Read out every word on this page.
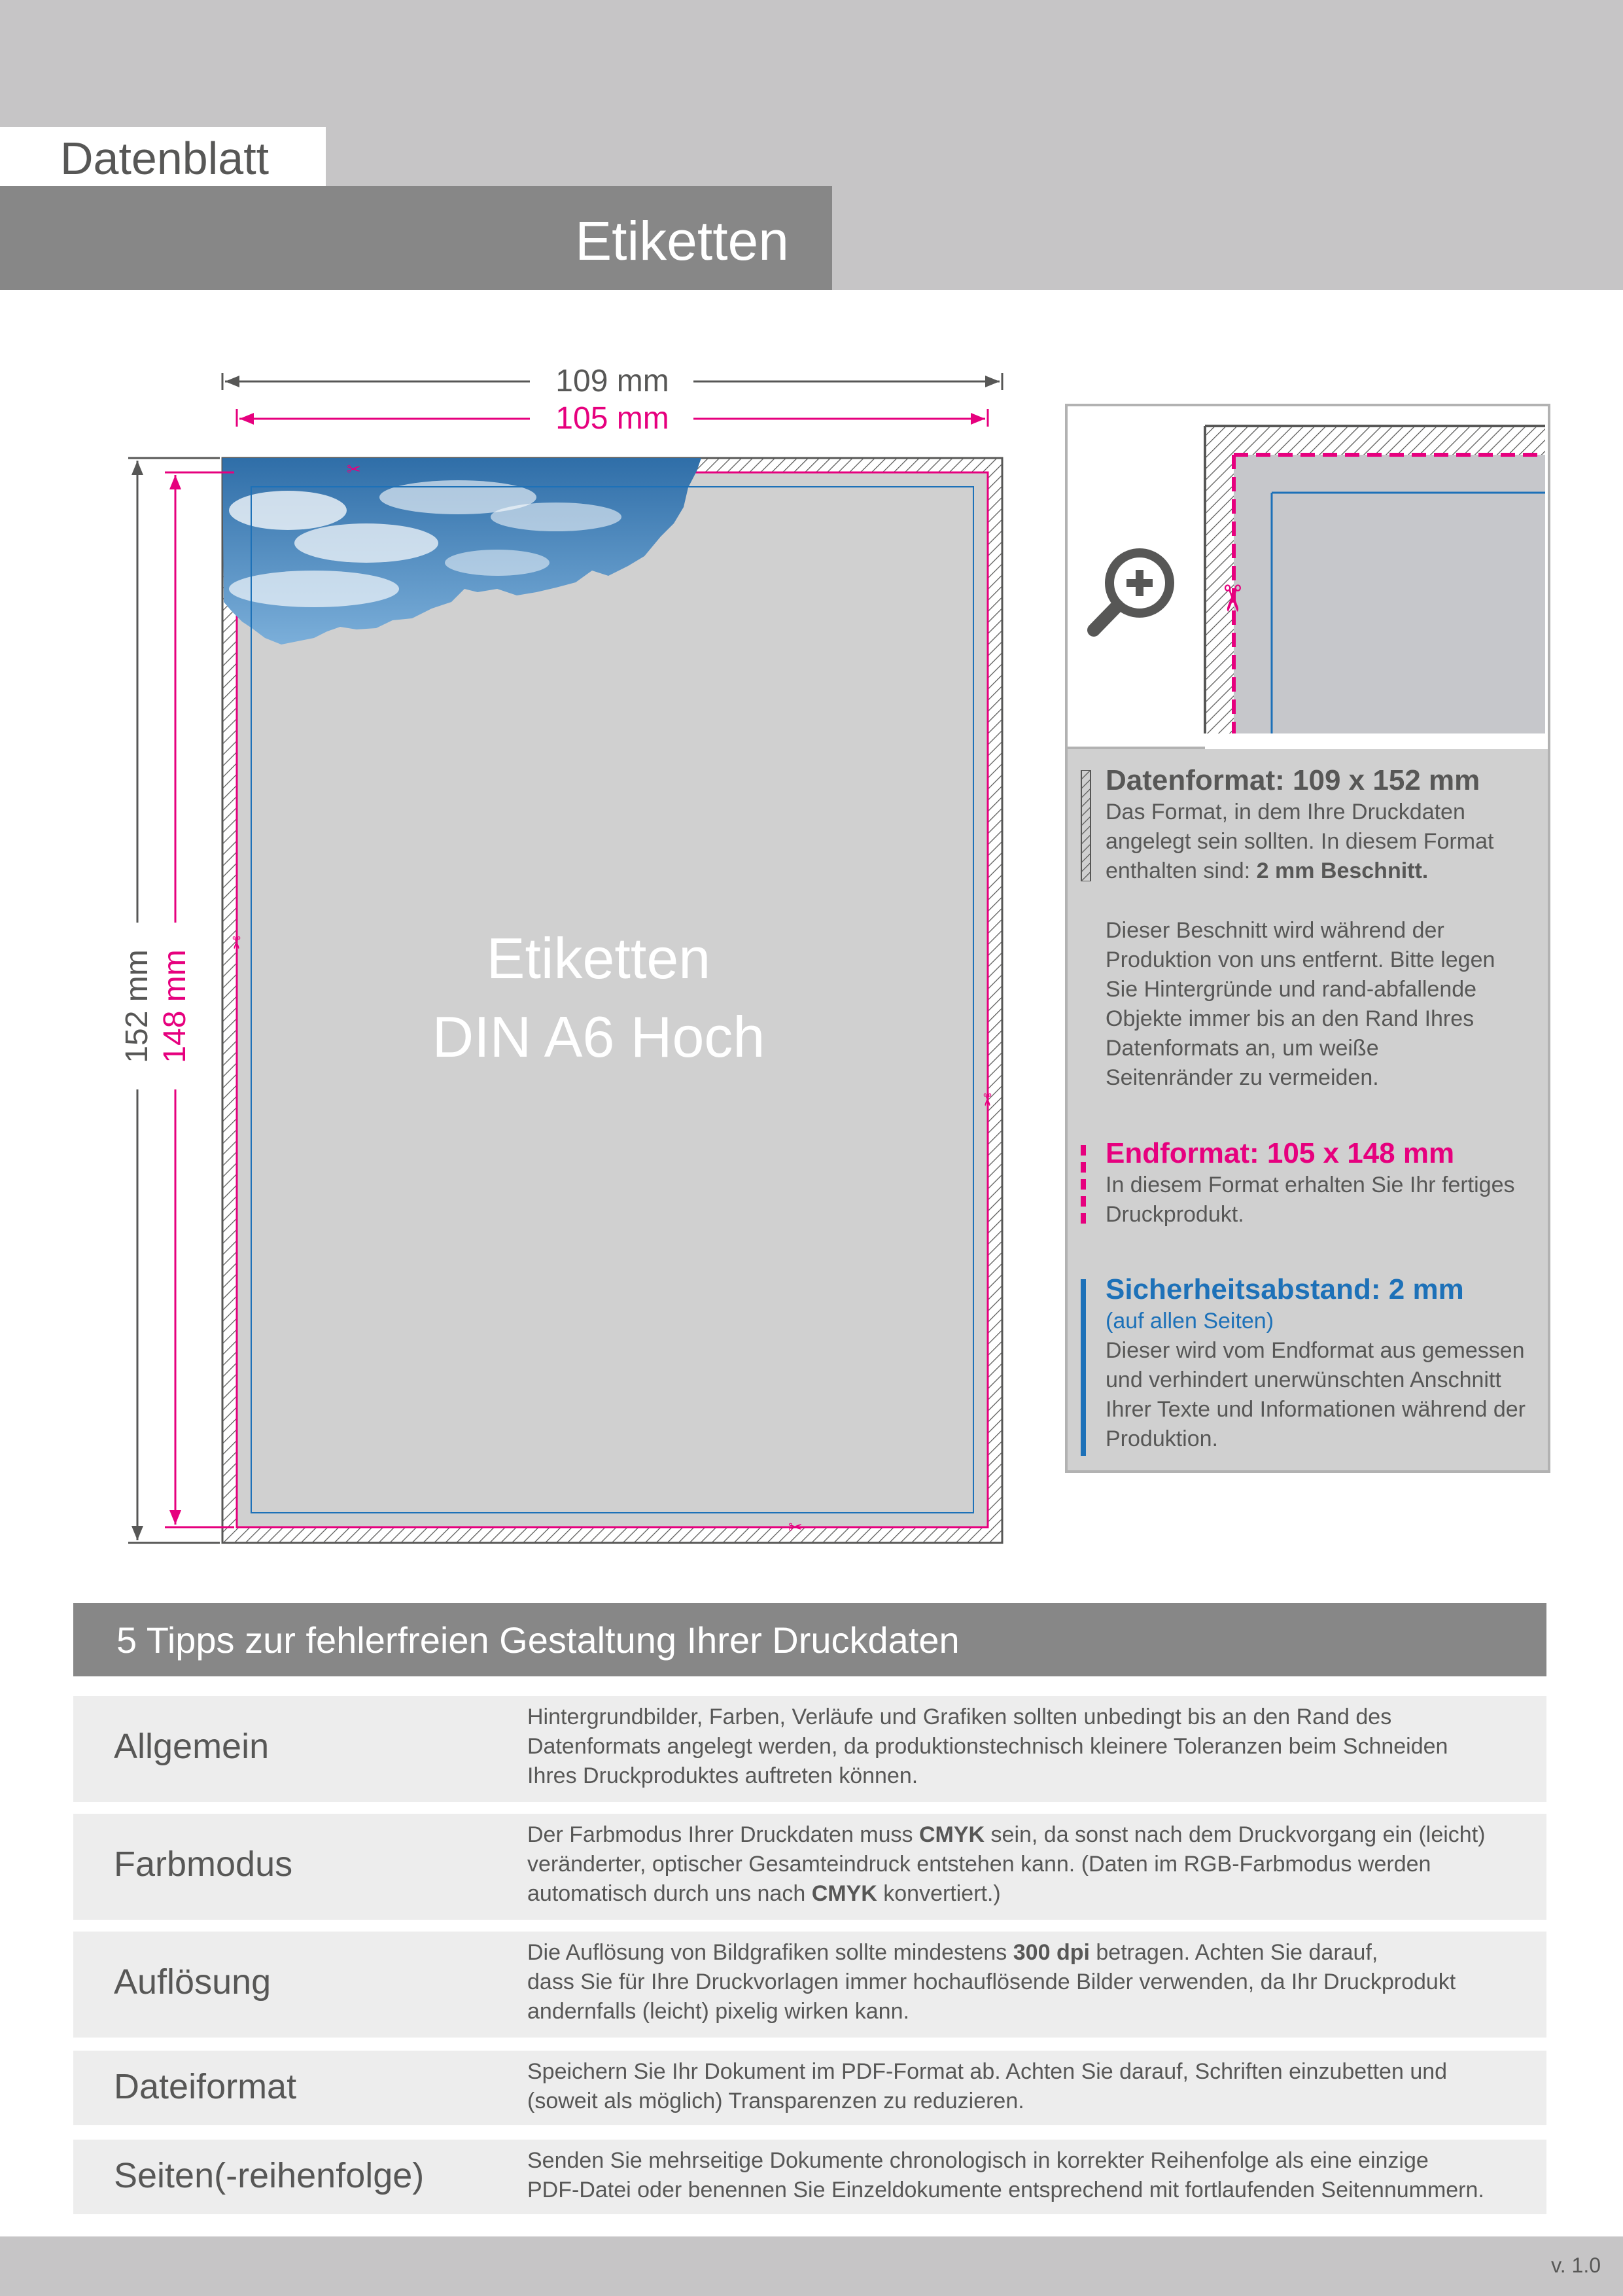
Datenblatt
Etiketten
✂
✂
✂
✂
Etiketten
DIN A6 Hoch
109 mm
105 mm
152 mm 148 mm
✂

Datenformat: 109 x 152 mm

Das Format, in dem Ihre Druckdaten angelegt sein sollten. In diesem Format enthalten sind: 2 mm Beschnitt.

Dieser Beschnitt wird während der Produktion von uns entfernt. Bitte legen Sie Hintergründe und rand-abfallende Objekte immer bis an den Rand Ihres Datenformats an, um weiße Seitenränder zu vermeiden.

Endformat: 105 x 148 mm

In diesem Format erhalten Sie Ihr fertiges Druckprodukt.

Sicherheitsabstand: 2 mm

(auf allen Seiten)

Dieser wird vom Endformat aus gemessen und verhindert unerwünschten Anschnitt Ihrer Texte und Informationen während der Produktion.

5 Tipps zur fehlerfreien Gestaltung Ihrer Druckdaten
Allgemein
Hintergrundbilder, Farben, Verläufe und Grafiken sollten unbedingt bis an den Rand des
Datenformats angelegt werden, da produktionstechnisch kleinere Toleranzen beim Schneiden
Ihres Druckproduktes auftreten können.
Farbmodus
Der Farbmodus Ihrer Druckdaten muss CMYK sein, da sonst nach dem Druckvorgang ein (leicht)
veränderter, optischer Gesamteindruck entstehen kann. (Daten im RGB-Farbmodus werden
automatisch durch uns nach CMYK konvertiert.)
Auflösung
Die Auflösung von Bildgrafiken sollte mindestens 300 dpi betragen. Achten Sie darauf,
dass Sie für Ihre Druckvorlagen immer hochauflösende Bilder verwenden, da Ihr Druckprodukt
andernfalls (leicht) pixelig wirken kann.
Dateiformat	Speichern Sie Ihr Dokument im PDF-Format ab. Achten Sie darauf, Schriften einzubetten und
(soweit als möglich) Transparenzen zu reduzieren.
Seiten(-reihenfolge)	Senden Sie mehrseitige Dokumente chronologisch in korrekter Reihenfolge als eine einzige
PDF-Datei oder benennen Sie Einzeldokumente entsprechend mit fortlaufenden Seitennummern.
v. 1.0
